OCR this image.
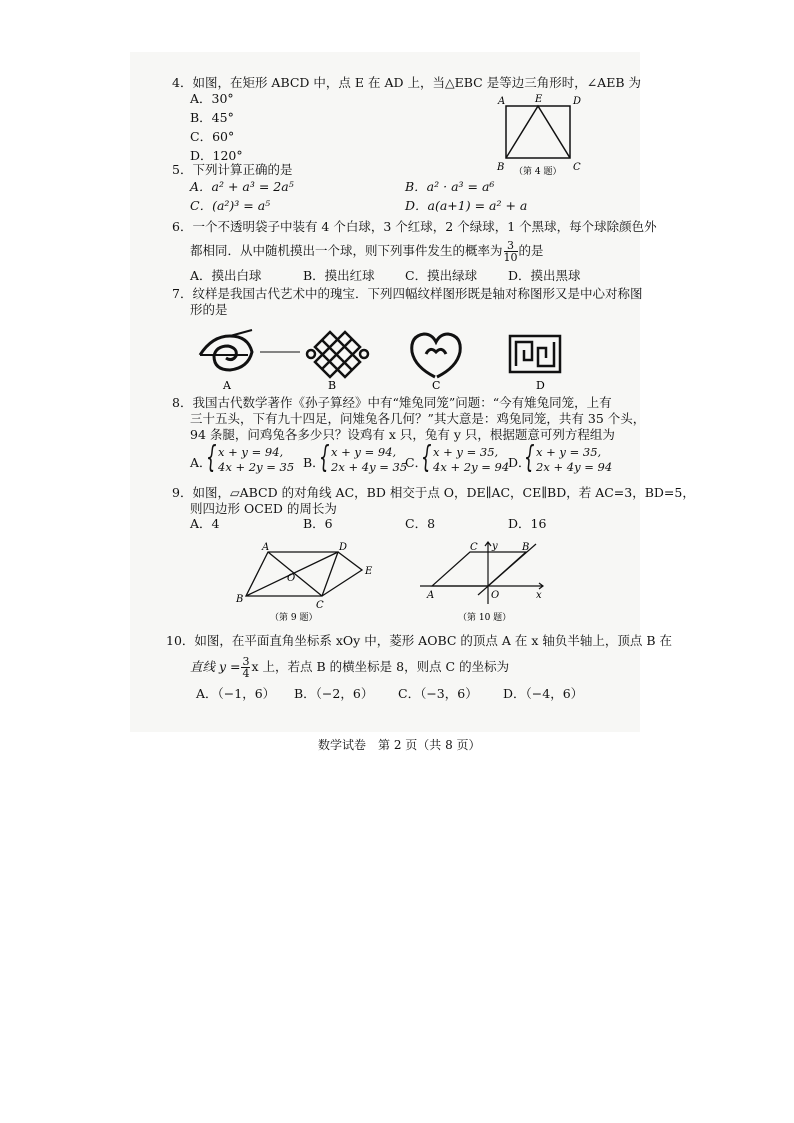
4．如图，在矩形 ABCD 中，点 E 在 AD 上，当△EBC 是等边三角形时，∠AEB 为
A．30°
B．45°
C．60°
D．120°
A	E	D
B	C
（第 4 题）
5．下列计算正确的是
A．a² + a³ = 2a⁵	B．a² · a³ = a⁶
C．(a²)³ = a⁵	D．a(a+1) = a² + a
6．一个不透明袋子中装有 4 个白球，3 个红球，2 个绿球，1 个黑球，每个球除颜色外
都相同．从中随机摸出一个球，则下列事件发生的概率为 $\frac{3}{10}$ 的是
A．摸出白球	B．摸出红球 C．摸出绿球 D．摸出黑球
7．纹样是我国古代艺术中的瑰宝．下列四幅纹样图形既是轴对称图形又是中心对称图
形的是
A	B	C	D
8．我国古代数学著作《孙子算经》中有“雉兔同笼”问题：“今有雉兔同笼，上有
三十五头，下有九十四足，问雉兔各几何？”其大意是：鸡兔同笼，共有 35 个头，
94 条腿，问鸡兔各多少只？设鸡有 x 只，兔有 y 只，根据题意可列方程组为
A．
{ x + y = 94,
4x + 2y = 35 B．
{ x + y = 94,
2x + 4y = 35
C．
{ x + y = 35,
4x + 2y = 94
D．
{ x + y = 35,
2x + 4y = 94
9．如图，▱ABCD 的对角线 AC，BD 相交于点 O，DE∥AC，CE∥BD，若 AC=3，BD=5，
则四边形 OCED 的周长为
A．4	B．6	C．8	D．16
A	D
E
O
B
C
（第 9 题）
C y B
A	O	x
（第 10 题）
10．如图，在平面直角坐标系 xOy 中，菱形 AOBC 的顶点 A 在 x 轴负半轴上，顶点 B 在
直线 $y = \frac{3}{4}$ x 上，若点 B 的横坐标是 8，则点 C 的坐标为
A．（−1，6） B．（−2，6） C．（−3，6） D．（−4，6）
数学试卷　第 2 页（共 8 页）
